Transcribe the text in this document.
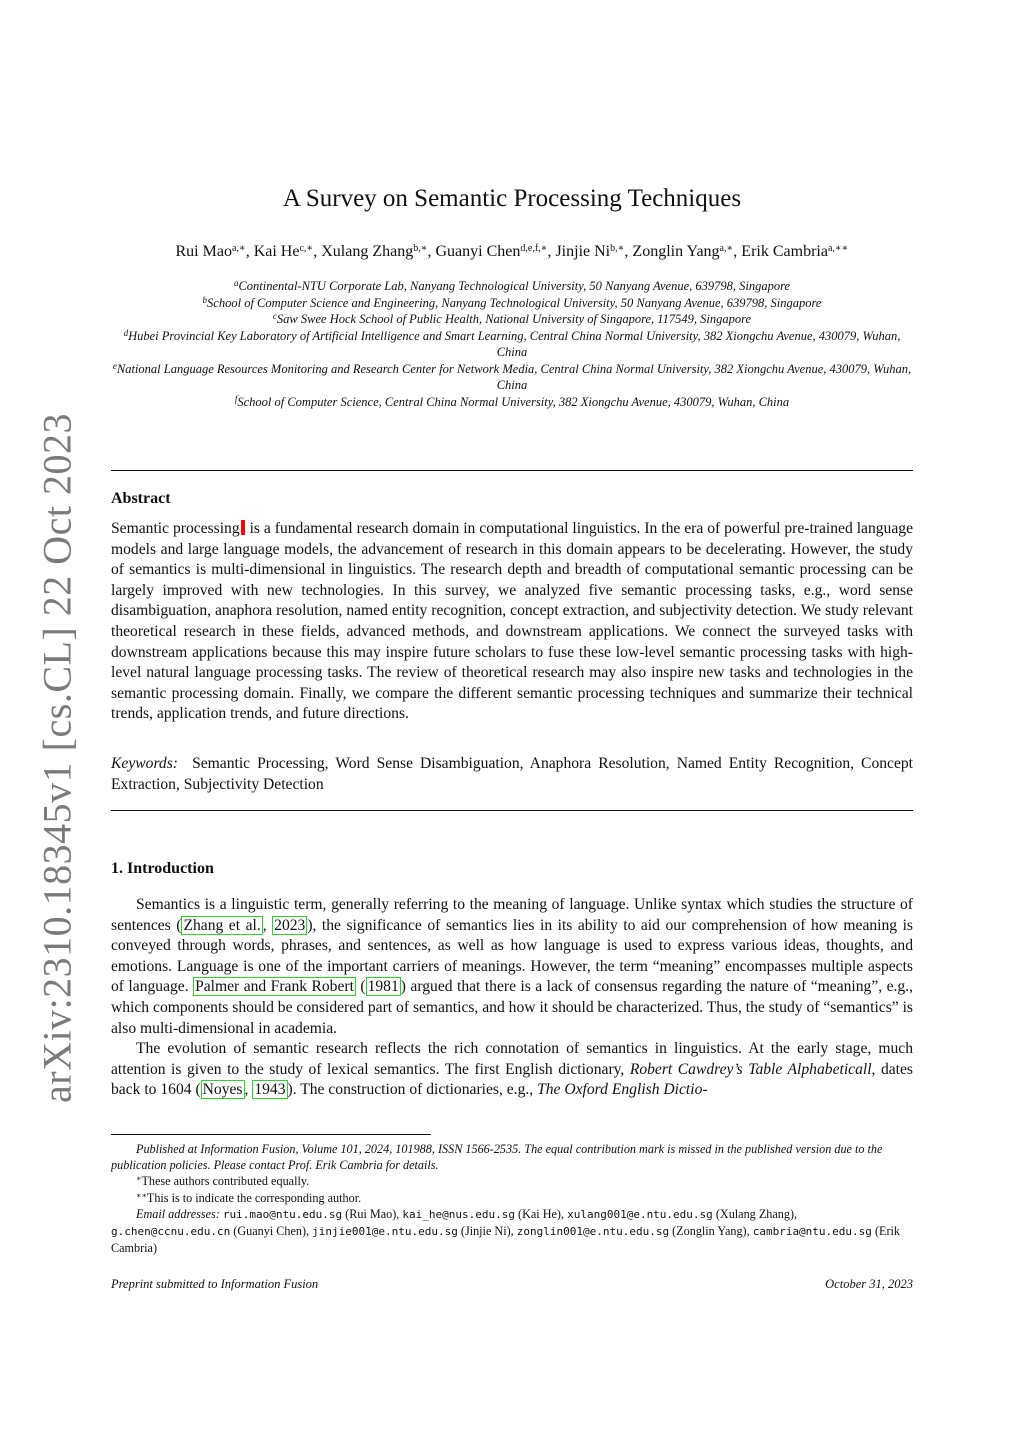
arXiv:2310.18345v1 [cs.CL] 22 Oct 2023
A Survey on Semantic Processing Techniques
Rui Mao$^{a,∗}$, Kai $He^{c,∗}$, Xulang Zhang$^{b,∗}$, Guanyi Chen$^{d,e,f,∗}$, Jinjie $Ni^{b,∗}$, Zonglin Yang$^{a,∗}$, Erik Cambria$^{a,∗∗}$
$^a$Continental-NTU Corporate Lab, Nanyang Technological University, 50 Nanyang Avenue, 639798, Singapore
$^b$School of Computer Science and Engineering, Nanyang Technological University, 50 Nanyang Avenue, 639798, Singapore
$^c$Saw Swee Hock School of Public Health, National University of Singapore, 117549, Singapore
$^d$Hubei Provincial Key Laboratory of Artificial Intelligence and Smart Learning, Central China Normal University, 382 Xiongchu Avenue, 430079, Wuhan, China
$^e$National Language Resources Monitoring and Research Center for Network Media, Central China Normal University, 382 Xiongchu Avenue, 430079, Wuhan, China
$^f$School of Computer Science, Central China Normal University, 382 Xiongchu Avenue, 430079, Wuhan, China
Abstract

Semantic processing is a fundamental research domain in computational linguistics. In the era of powerful pre-trained language models and large language models, the advancement of research in this domain appears to be decelerating. However, the study of semantics is multi-dimensional in linguistics. The research depth and breadth of computational semantic processing can be largely improved with new technologies. In this survey, we analyzed five semantic processing tasks, e.g., word sense disambiguation, anaphora resolution, named entity recognition, concept extraction, and subjectivity detection. We study relevant theoretical research in these fields, advanced methods, and downstream applications. We connect the surveyed tasks with downstream applications because this may inspire future scholars to fuse these low-level semantic processing tasks with high-level natural language processing tasks. The review of theoretical research may also inspire new tasks and technologies in the semantic processing domain. Finally, we compare the different semantic processing techniques and summarize their technical trends, application trends, and future directions.

Keywords: Semantic Processing, Word Sense Disambiguation, Anaphora Resolution, Named Entity Recognition, Concept Extraction, Subjectivity Detection

1. Introduction

Semantics is a linguistic term, generally referring to the meaning of language. Unlike syntax which studies the structure of sentences ( Zhang et al. , 2023 ), the significance of semantics lies in its ability to aid our comprehension of how meaning is conveyed through words, phrases, and sentences, as well as how language is used to express various ideas, thoughts, and emotions. Language is one of the important carriers of meanings. However, the term “meaning” encompasses multiple aspects of language. Palmer and Frank Robert ( 1981 ) argued that there is a lack of consensus regarding the nature of “meaning”, e.g., which components should be considered part of semantics, and how it should be characterized. Thus, the study of “semantics” is also multi-dimensional in academia.

The evolution of semantic research reflects the rich connotation of semantics in linguistics. At the early stage, much attention is given to the study of lexical semantics. The first English dictionary, Robert Cawdrey’s Table Alphabeticall, dates back to 1604 ( Noyes , 1943 ). The construction of dictionaries, e.g., The Oxford English Dictio-

Published at Information Fusion, Volume 101, 2024, 101988, ISSN 1566-2535. The equal contribution mark is missed in the published version due to the publication policies. Please contact Prof. Erik Cambria for details.

∗These authors contributed equally.

∗∗This is to indicate the corresponding author.

Email addresses: rui.mao@ntu.edu.sg (Rui Mao), kai_he@nus.edu.sg (Kai He), xulang001@e.ntu.edu.sg (Xulang Zhang), g.chen@ccnu.edu.cn (Guanyi Chen), jinjie001@e.ntu.edu.sg (Jinjie Ni), zonglin001@e.ntu.edu.sg (Zonglin Yang), cambria@ntu.edu.sg (Erik Cambria)

Preprint submitted to Information Fusion	October 31, 2023
